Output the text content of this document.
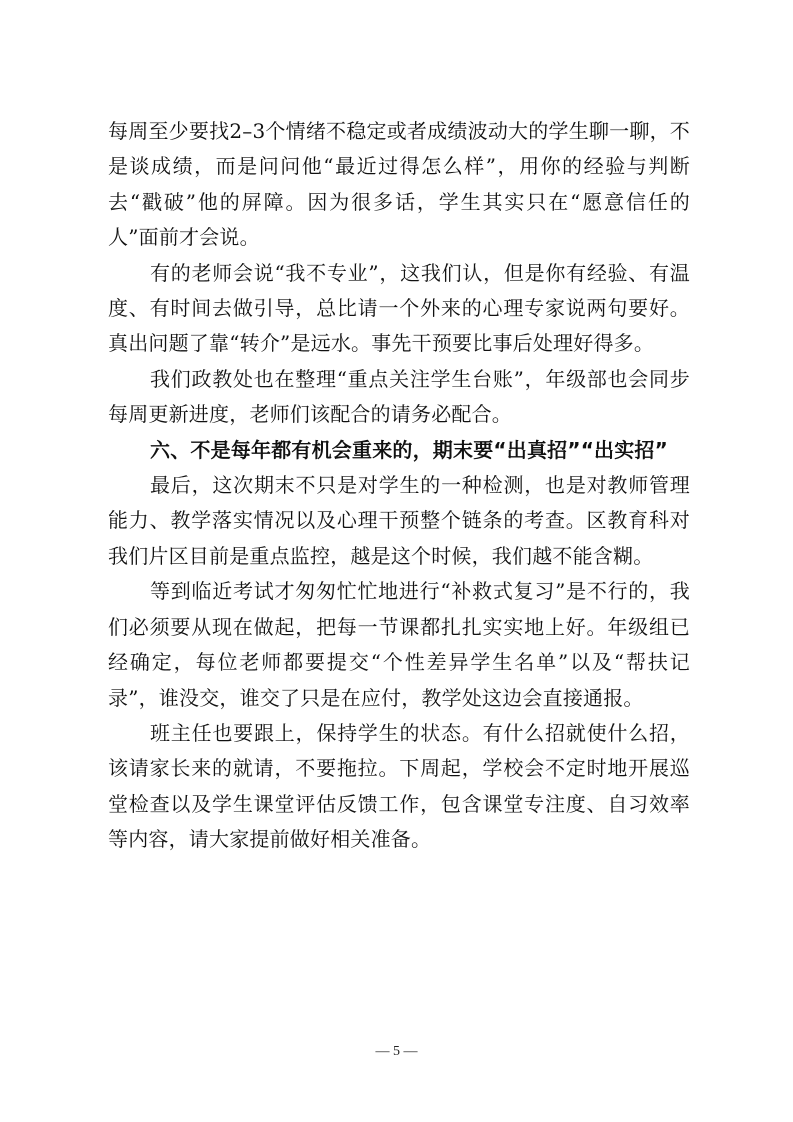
每周至少要找2–3个情绪不稳定或者成绩波动大的学生聊一聊，不是谈成绩，而是问问他“最近过得怎么样”，用你的经验与判断去“戳破”他的屏障。因为很多话，学生其实只在“愿意信任的人”面前才会说。

有的老师会说“我不专业”，这我们认，但是你有经验、有温度、有时间去做引导，总比请一个外来的心理专家说两句要好。真出问题了靠“转介”是远水。事先干预要比事后处理好得多。

我们政教处也在整理“重点关注学生台账”，年级部也会同步每周更新进度，老师们该配合的请务必配合。

六、不是每年都有机会重来的，期末要“出真招”“出实招”

最后，这次期末不只是对学生的一种检测，也是对教师管理能力、教学落实情况以及心理干预整个链条的考查。区教育科对我们片区目前是重点监控，越是这个时候，我们越不能含糊。

等到临近考试才匆匆忙忙地进行“补救式复习”是不行的，我们必须要从现在做起，把每一节课都扎扎实实地上好。年级组已经确定，每位老师都要提交“个性差异学生名单”以及“帮扶记录”，谁没交，谁交了只是在应付，教学处这边会直接通报。

班主任也要跟上，保持学生的状态。有什么招就使什么招，该请家长来的就请，不要拖拉。下周起，学校会不定时地开展巡堂检查以及学生课堂评估反馈工作，包含课堂专注度、自习效率等内容，请大家提前做好相关准备。

— 5 —
